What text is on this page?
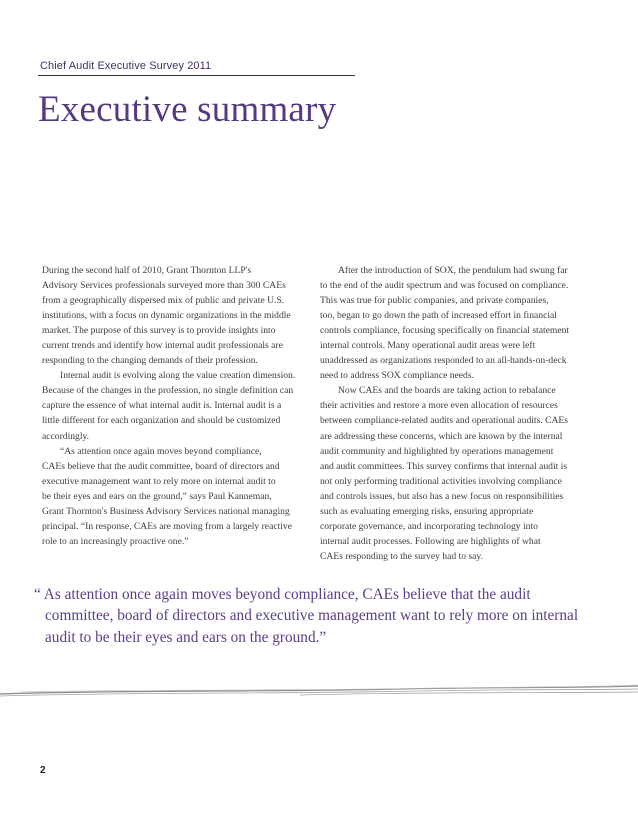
Chief Audit Executive Survey 2011
Executive summary

During the second half of 2010, Grant Thornton LLP's

Advisory Services professionals surveyed more than 300 CAEs

from a geographically dispersed mix of public and private U.S.

institutions, with a focus on dynamic organizations in the middle

market. The purpose of this survey is to provide insights into

current trends and identify how internal audit professionals are

responding to the changing demands of their profession.

Internal audit is evolving along the value creation dimension.

Because of the changes in the profession, no single definition can

capture the essence of what internal audit is. Internal audit is a

little different for each organization and should be customized

accordingly.

“As attention once again moves beyond compliance,

CAEs believe that the audit committee, board of directors and

executive management want to rely more on internal audit to

be their eyes and ears on the ground,” says Paul Kanneman,

Grant Thornton's Business Advisory Services national managing

principal. “In response, CAEs are moving from a largely reactive

role to an increasingly proactive one.”

After the introduction of SOX, the pendulum had swung far

to the end of the audit spectrum and was focused on compliance.

This was true for public companies, and private companies,

too, began to go down the path of increased effort in financial

controls compliance, focusing specifically on financial statement

internal controls. Many operational audit areas were left

unaddressed as organizations responded to an all-hands-on-deck

need to address SOX compliance needs.

Now CAEs and the boards are taking action to rebalance

their activities and restore a more even allocation of resources

between compliance-related audits and operational audits. CAEs

are addressing these concerns, which are known by the internal

audit community and highlighted by operations management

and audit committees. This survey confirms that internal audit is

not only performing traditional activities involving compliance

and controls issues, but also has a new focus on responsibilities

such as evaluating emerging risks, ensuring appropriate

corporate governance, and incorporating technology into

internal audit processes. Following are highlights of what

CAEs responding to the survey had to say.

“ As attention once again moves beyond compliance, CAEs believe that the audit
committee, board of directors and executive management want to rely more on internal
audit to be their eyes and ears on the ground.”
2
